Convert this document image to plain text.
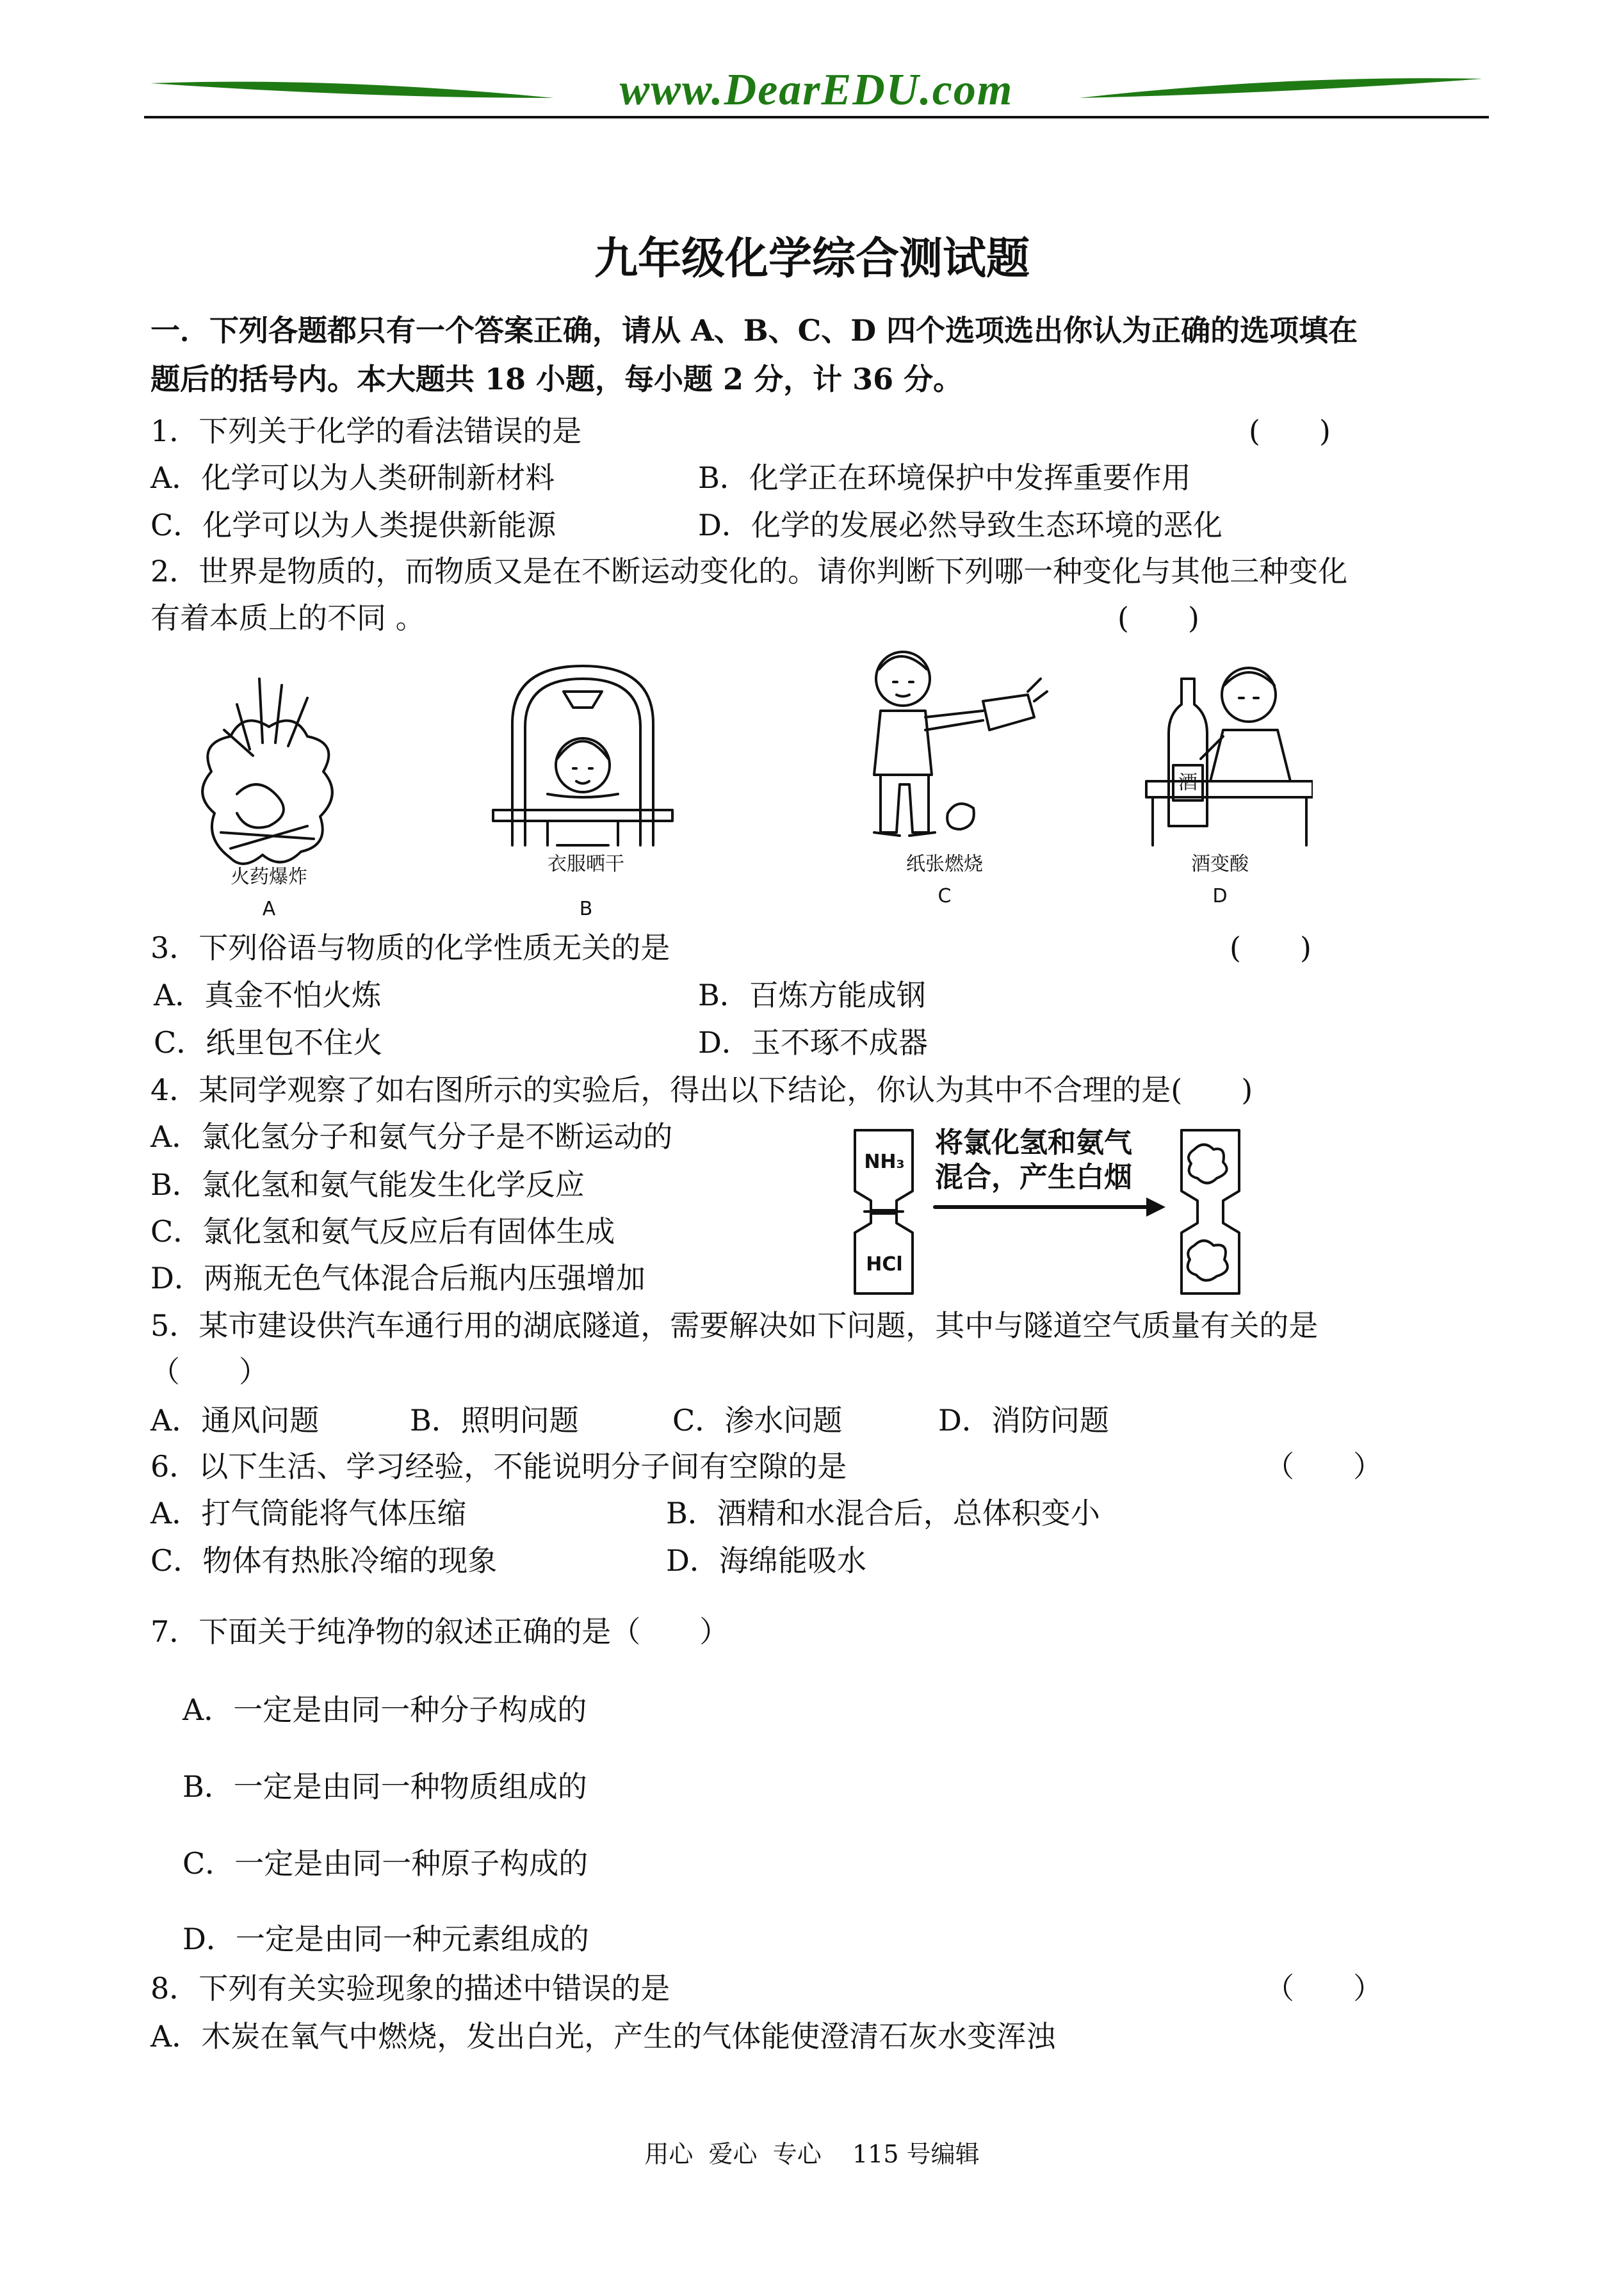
www.DearEDU.com
九年级化学综合测试题
一．下列各题都只有一个答案正确，请从 A、B、C、D 四个选项选出你认为正确的选项填在
题后的括号内。本大题共 18 小题，每小题 2 分，计 36 分。
1．下列关于化学的看法错误的是	(　　)
A．化学可以为人类研制新材料	B．化学正在环境保护中发挥重要作用
C．化学可以为人类提供新能源	D．化学的发展必然导致生态环境的恶化
2．世界是物质的，而物质又是在不断运动变化的。请你判断下列哪一种变化与其他三种变化
有着本质上的不同 。	(　　)
火药爆炸
A
衣服晒干
B
纸张燃烧
C
酒
酒变酸
D
3．下列俗语与物质的化学性质无关的是	(　　)
A．真金不怕火炼	B．百炼方能成钢
C．纸里包不住火	D．玉不琢不成器
4．某同学观察了如右图所示的实验后，得出以下结论，你认为其中不合理的是(　　)
A．氯化氢分子和氨气分子是不断运动的
B．氯化氢和氨气能发生化学反应
C．氯化氢和氨气反应后有固体生成
D．两瓶无色气体混合后瓶内压强增加
NH₃
HCl
将氯化氢和氨气
混合，产生白烟
5．某市建设供汽车通行用的湖底隧道，需要解决如下问题，其中与隧道空气质量有关的是
（　　）
A．通风问题	B．照明问题	C．渗水问题	D．消防问题
6．以下生活、学习经验，不能说明分子间有空隙的是	（　　）
A．打气筒能将气体压缩	B．酒精和水混合后，总体积变小
C．物体有热胀冷缩的现象	D．海绵能吸水
7．下面关于纯净物的叙述正确的是（　　）
A．一定是由同一种分子构成的
B．一定是由同一种物质组成的
C．一定是由同一种原子构成的
D．一定是由同一种元素组成的
8．下列有关实验现象的描述中错误的是	（　　）
A．木炭在氧气中燃烧，发出白光，产生的气体能使澄清石灰水变浑浊
用心  爱心  专心    115 号编辑
